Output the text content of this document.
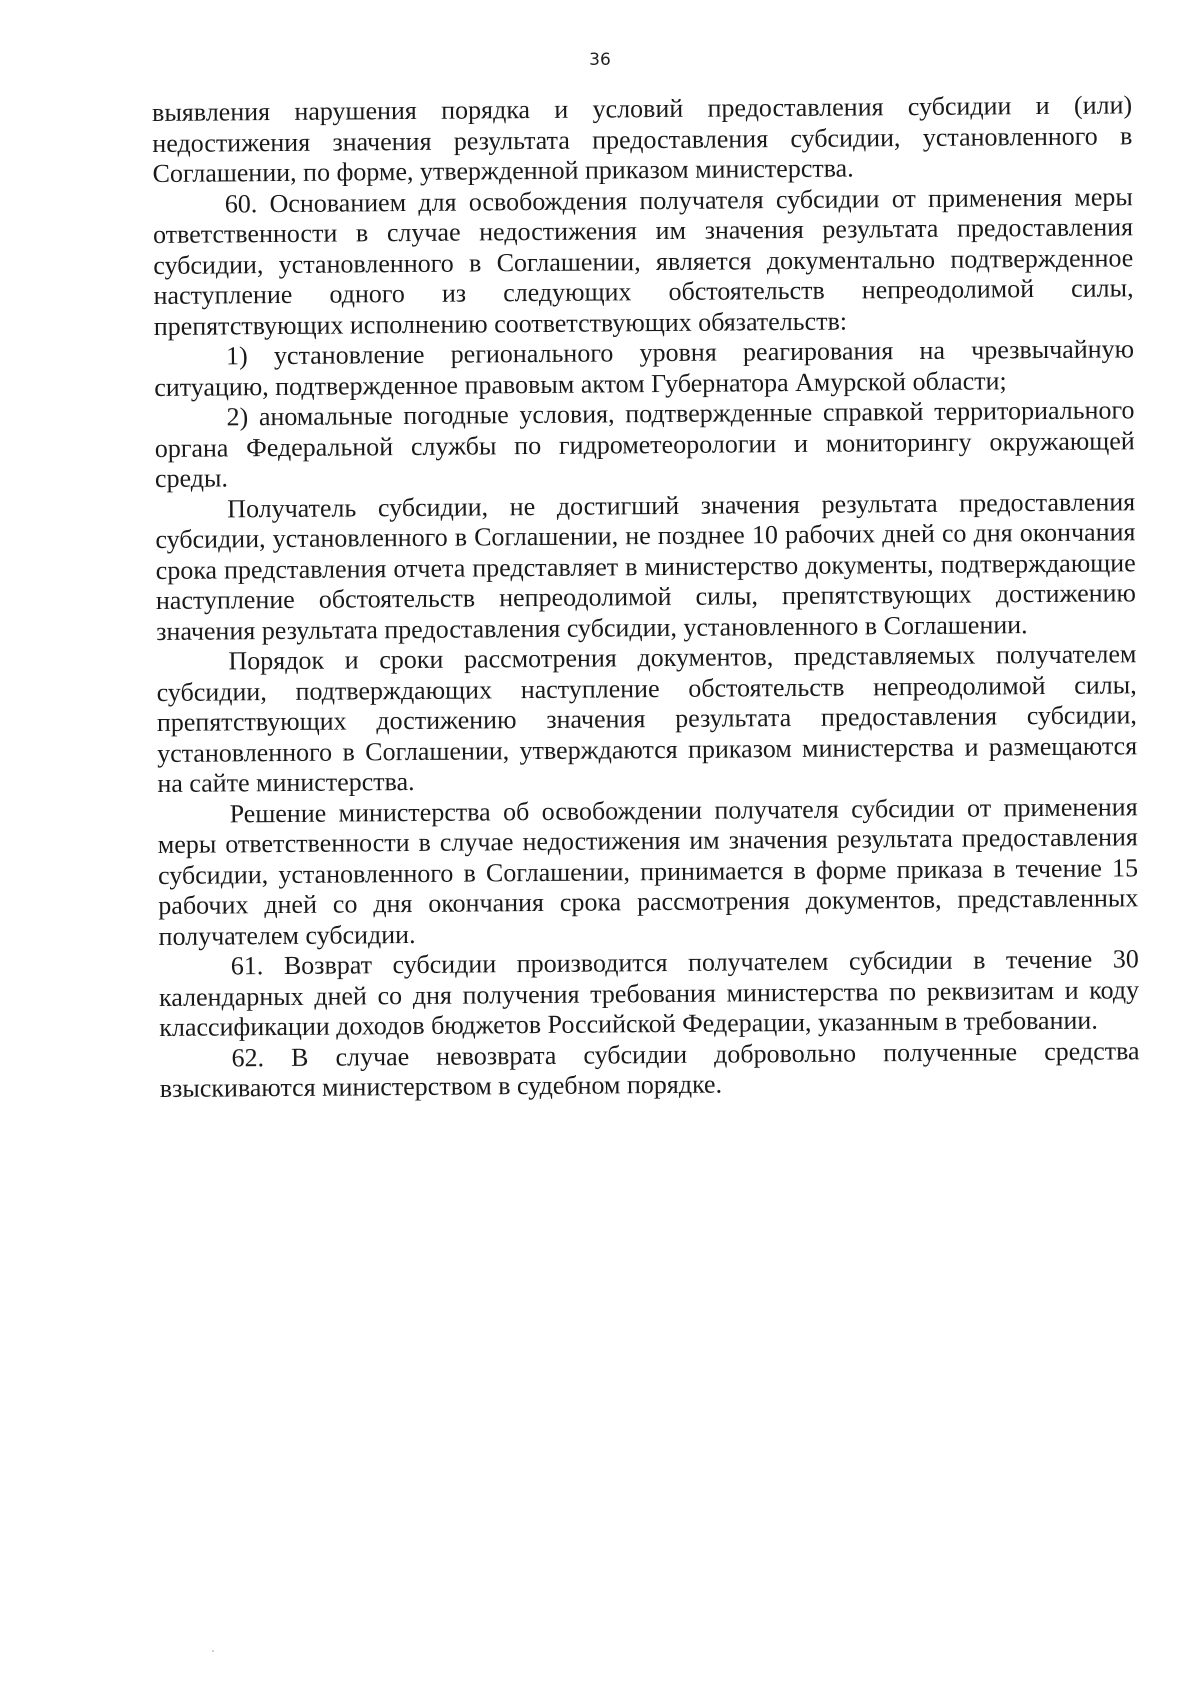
36

выявления нарушения порядка и условий предоставления субсидии и (или) недостижения значения результата предоставления субсидии, установленного в Соглашении, по форме, утвержденной приказом министерства.

60. Основанием для освобождения получателя субсидии от применения меры ответственности в случае недостижения им значения результата предоставления субсидии, установленного в Соглашении, является документально подтвержденное наступление одного из следующих обстоятельств непреодолимой силы, препятствующих исполнению соответствующих обязательств:

1) установление регионального уровня реагирования на чрезвычайную ситуацию, подтвержденное правовым актом Губернатора Амурской области;

2) аномальные погодные условия, подтвержденные справкой территориального органа Федеральной службы по гидрометеорологии и мониторингу окружающей среды.

Получатель субсидии, не достигший значения результата предоставления субсидии, установленного в Соглашении, не позднее 10 рабочих дней со дня окончания срока представления отчета представляет в министерство документы, подтверждающие наступление обстоятельств непреодолимой силы, препятствующих достижению значения результата предоставления субсидии, установленного в Соглашении.

Порядок и сроки рассмотрения документов, представляемых получателем субсидии, подтверждающих наступление обстоятельств непреодолимой силы, препятствующих достижению значения результата предоставления субсидии, установленного в Соглашении, утверждаются приказом министерства и размещаются на сайте министерства.

Решение министерства об освобождении получателя субсидии от применения меры ответственности в случае недостижения им значения результата предоставления субсидии, установленного в Соглашении, принимается в форме приказа в течение 15 рабочих дней со дня окончания срока рассмотрения документов, представленных получателем субсидии.

61. Возврат субсидии производится получателем субсидии в течение 30 календарных дней со дня получения требования министерства по реквизитам и коду классификации доходов бюджетов Российской Федерации, указанным в требовании.

62. В случае невозврата субсидии добровольно полученные средства взыскиваются министерством в судебном порядке.
